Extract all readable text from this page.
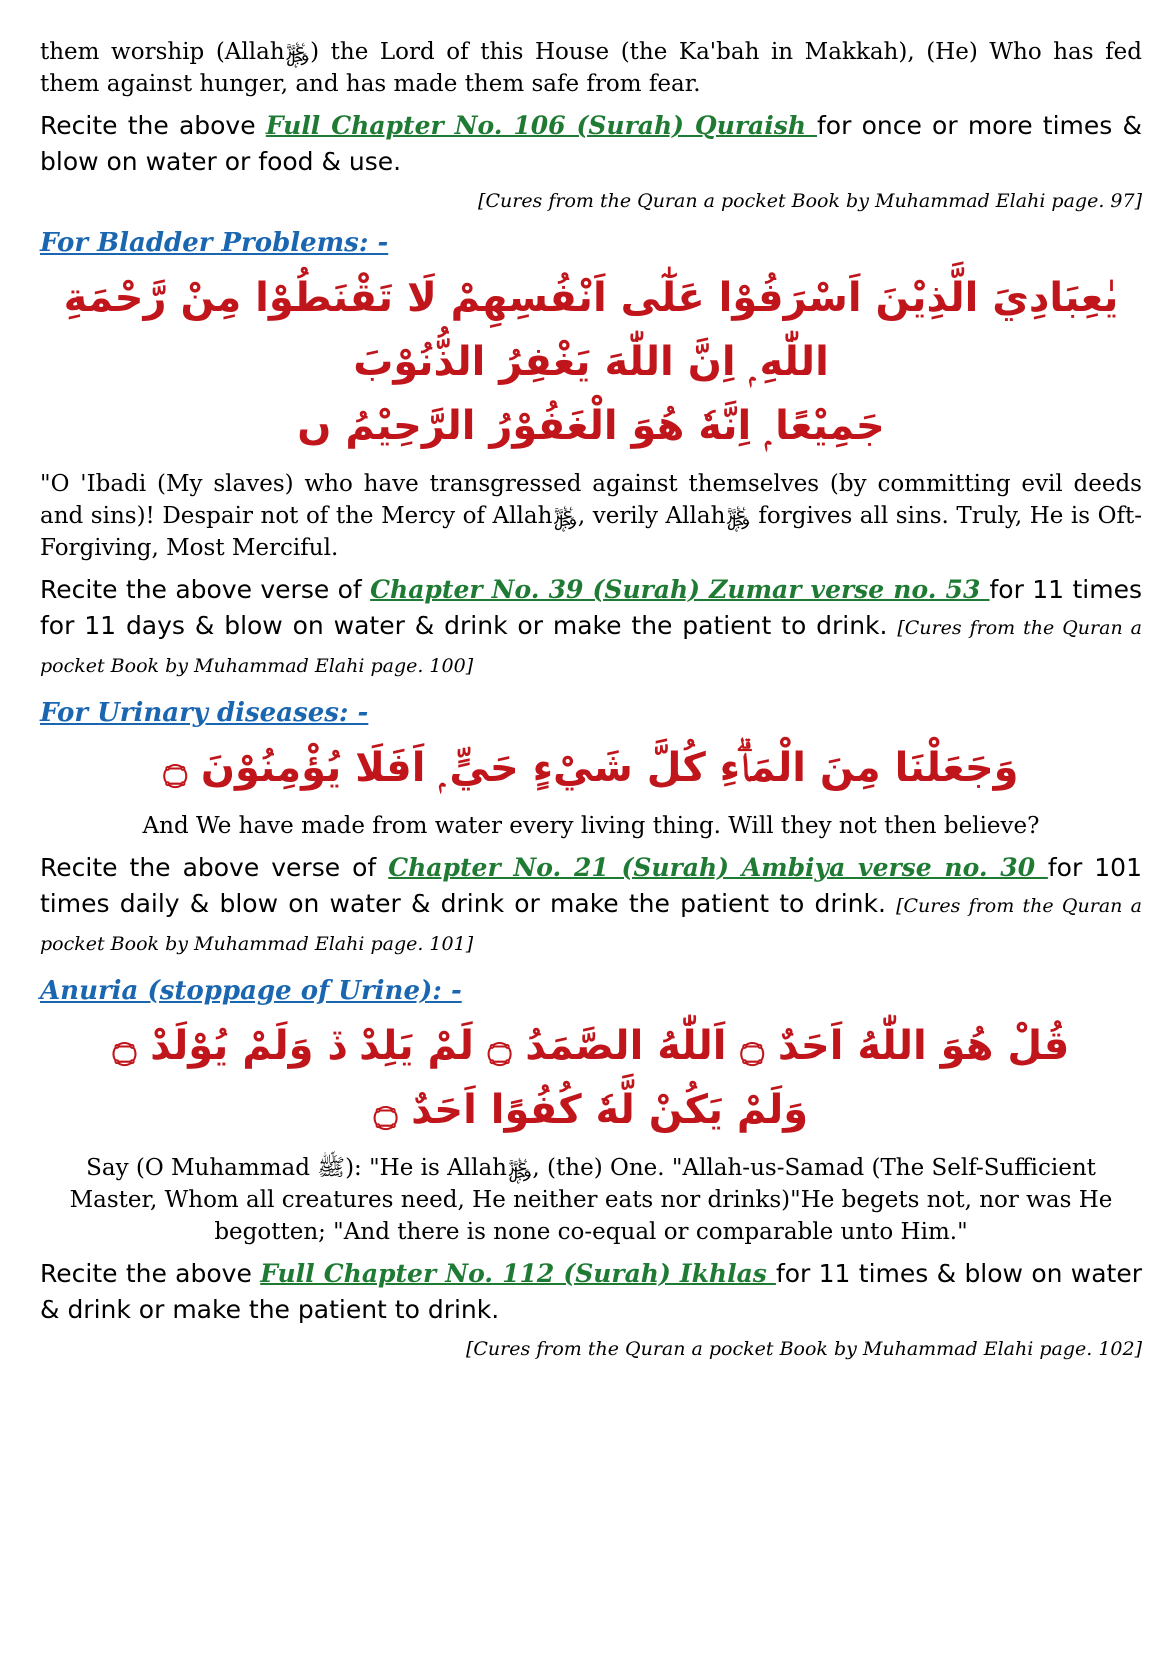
them worship (Allah﷿) the Lord of this House (the Ka'bah in Makkah), (He) Who has fed them against hunger, and has made them safe from fear.

Recite the above Full Chapter No. 106 (Surah) Quraish for once or more times & blow on water or food & use.

[Cures from the Quran a pocket Book by Muhammad Elahi page. 97]

For Bladder Problems: -

يٰعِبَادِيَ الَّذِيْنَ اَسْرَفُوْا عَلٰٓى اَنْفُسِهِمْ لَا تَقْنَطُوْا مِنْ رَّحْمَةِ اللّٰهِ ۭ اِنَّ اللّٰهَ يَغْفِرُ الذُّنُوْبَ
جَمِيْعًا ۭ اِنَّهٗ هُوَ الْغَفُوْرُ الرَّحِيْمُ ﮞ

"O 'Ibadi (My slaves) who have transgressed against themselves (by committing evil deeds and sins)! Despair not of the Mercy of Allah﷿, verily Allah﷿ forgives all sins. Truly, He is Oft-Forgiving, Most Merciful.

Recite the above verse of Chapter No. 39 (Surah) Zumar verse no. 53 for 11 times for 11 days & blow on water & drink or make the patient to drink. [Cures from the Quran a pocket Book by Muhammad Elahi page. 100]

For Urinary diseases: -

وَجَعَلْنَا مِنَ الْمَاۗءِ كُلَّ شَيْءٍ حَيٍّ ۭ اَفَلَا يُؤْمِنُوْنَ ۝

And We have made from water every living thing. Will they not then believe?

Recite the above verse of Chapter No. 21 (Surah) Ambiya verse no. 30 for 101 times daily & blow on water & drink or make the patient to drink. [Cures from the Quran a pocket Book by Muhammad Elahi page. 101]

Anuria (stoppage of Urine): -

قُلْ هُوَ اللّٰهُ اَحَدٌ ۝ اَللّٰهُ الصَّمَدُ ۝ لَمْ يَلِدْ ڏ وَلَمْ يُوْلَدْ ۝
وَلَمْ يَكُنْ لَّهٗ كُفُوًا اَحَدٌ ۝

Say (O Muhammad ﷺ): "He is Allah﷿, (the) One. "Allah-us-Samad (The Self-Sufficient Master, Whom all creatures need, He neither eats nor drinks)"He begets not, nor was He begotten; "And there is none co-equal or comparable unto Him."

Recite the above Full Chapter No. 112 (Surah) Ikhlas for 11 times & blow on water & drink or make the patient to drink.

[Cures from the Quran a pocket Book by Muhammad Elahi page. 102]
